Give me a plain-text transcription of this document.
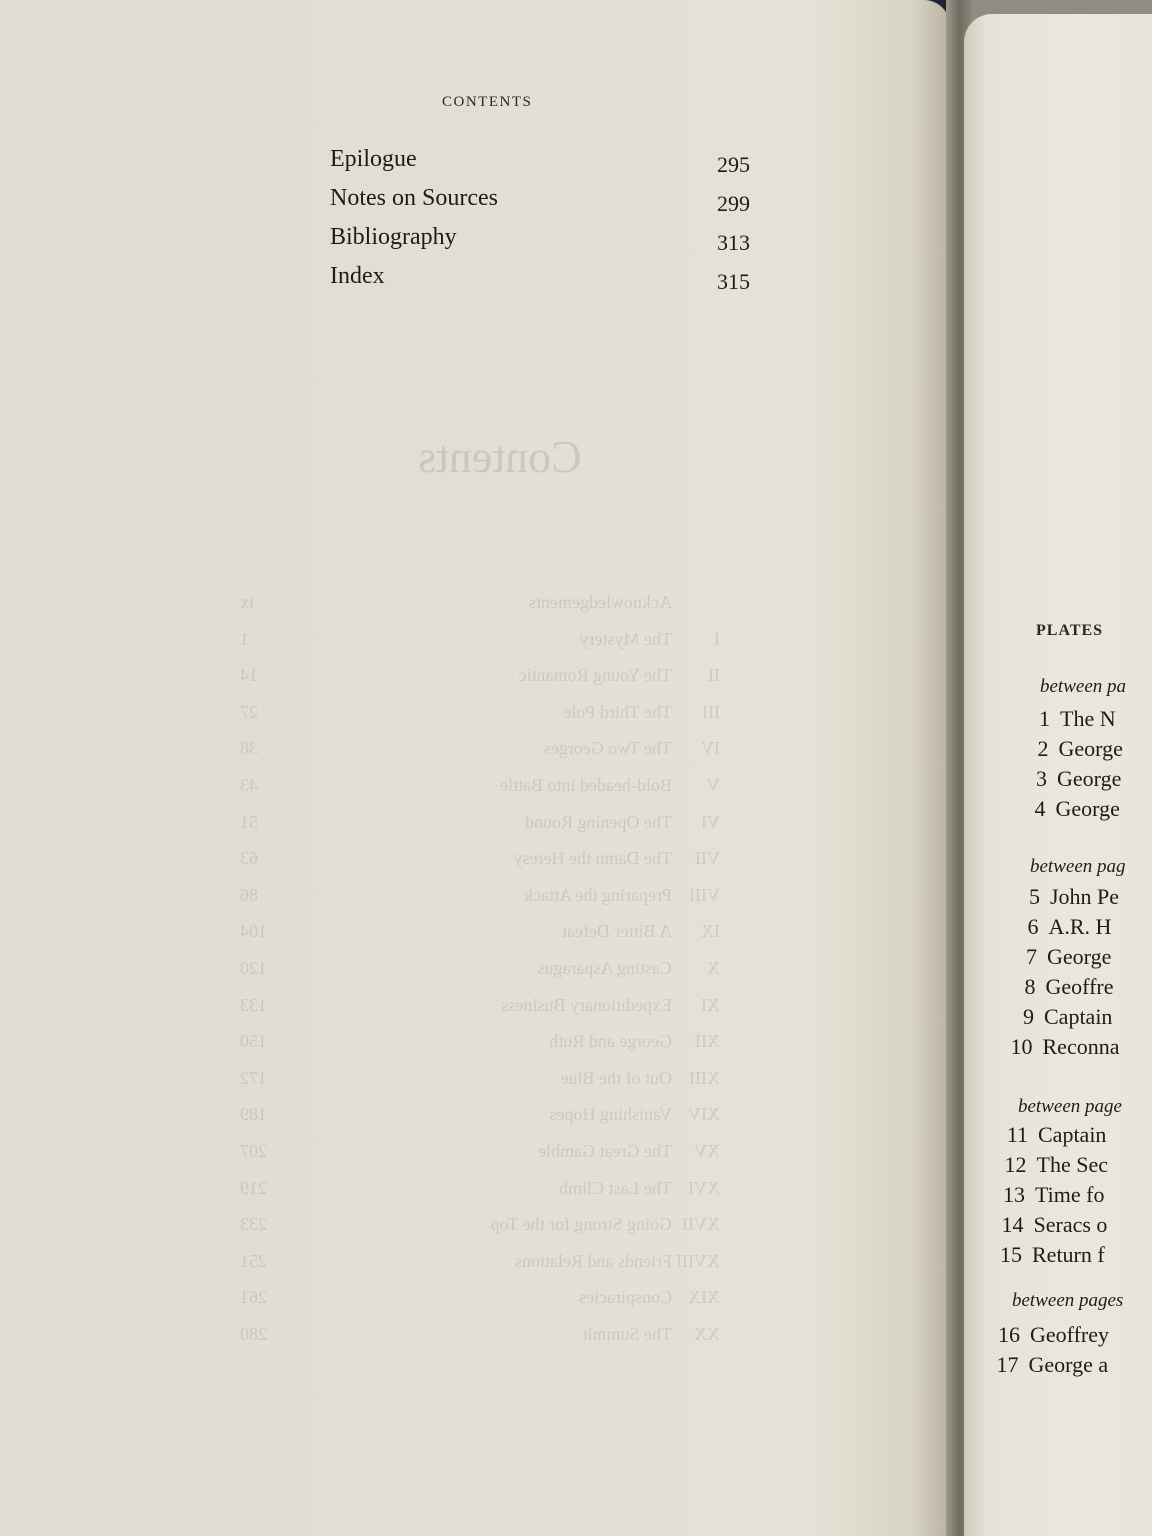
CONTENTS
Epilogue	295
Notes on Sources	299
Bibliography	313
Index	315
PLATES
between pa
1 The N
2 George
3 George
4 George
between pag
5 John Pe
6 A.R. H
7 George
8 Geoffre
9 Captain
10 Reconna
between page
11 Captain
12 The Sec
13 Time fo
14 Seracs o
15 Return f
between pages
16 Geoffrey
17 George a
